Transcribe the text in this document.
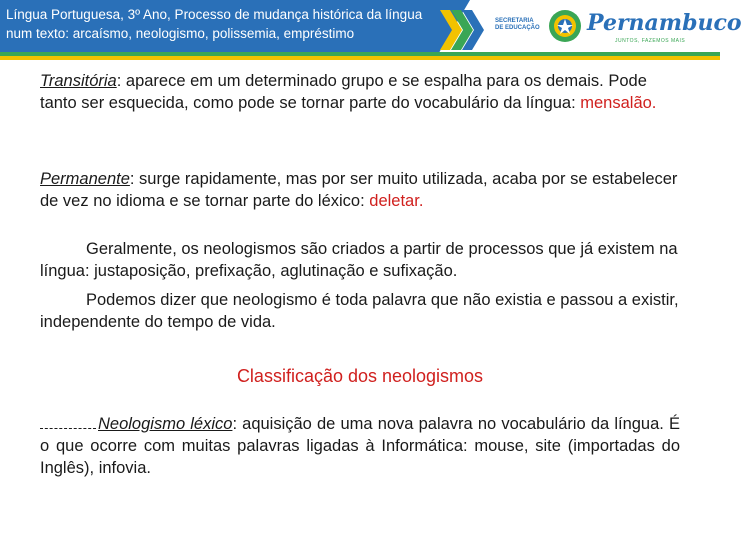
Língua Portuguesa, 3º Ano, Processo de mudança histórica da língua num texto: arcaísmo, neologismo, polissemia, empréstimo
SECRETARIA DE EDUCAÇÃO Pernambuco
JUNTOS, FAZEMOS MAIS

Transitória: aparece em um determinado grupo e se espalha para os demais. Pode tanto ser esquecida, como pode se tornar parte do vocabulário da língua: mensalão.

Permanente: surge rapidamente, mas por ser muito utilizada, acaba por se estabelecer de vez no idioma e se tornar parte do léxico: deletar.

Geralmente, os neologismos são criados a partir de processos que já existem na língua: justaposição, prefixação, aglutinação e sufixação.

Podemos dizer que neologismo é toda palavra que não existia e passou a existir, independente do tempo de vida.

Classificação dos neologismos

Neologismo léxico: aquisição de uma nova palavra no vocabulário da língua. É o que ocorre com muitas palavras ligadas à Informática: mouse, site (importadas do Inglês), infovia.
